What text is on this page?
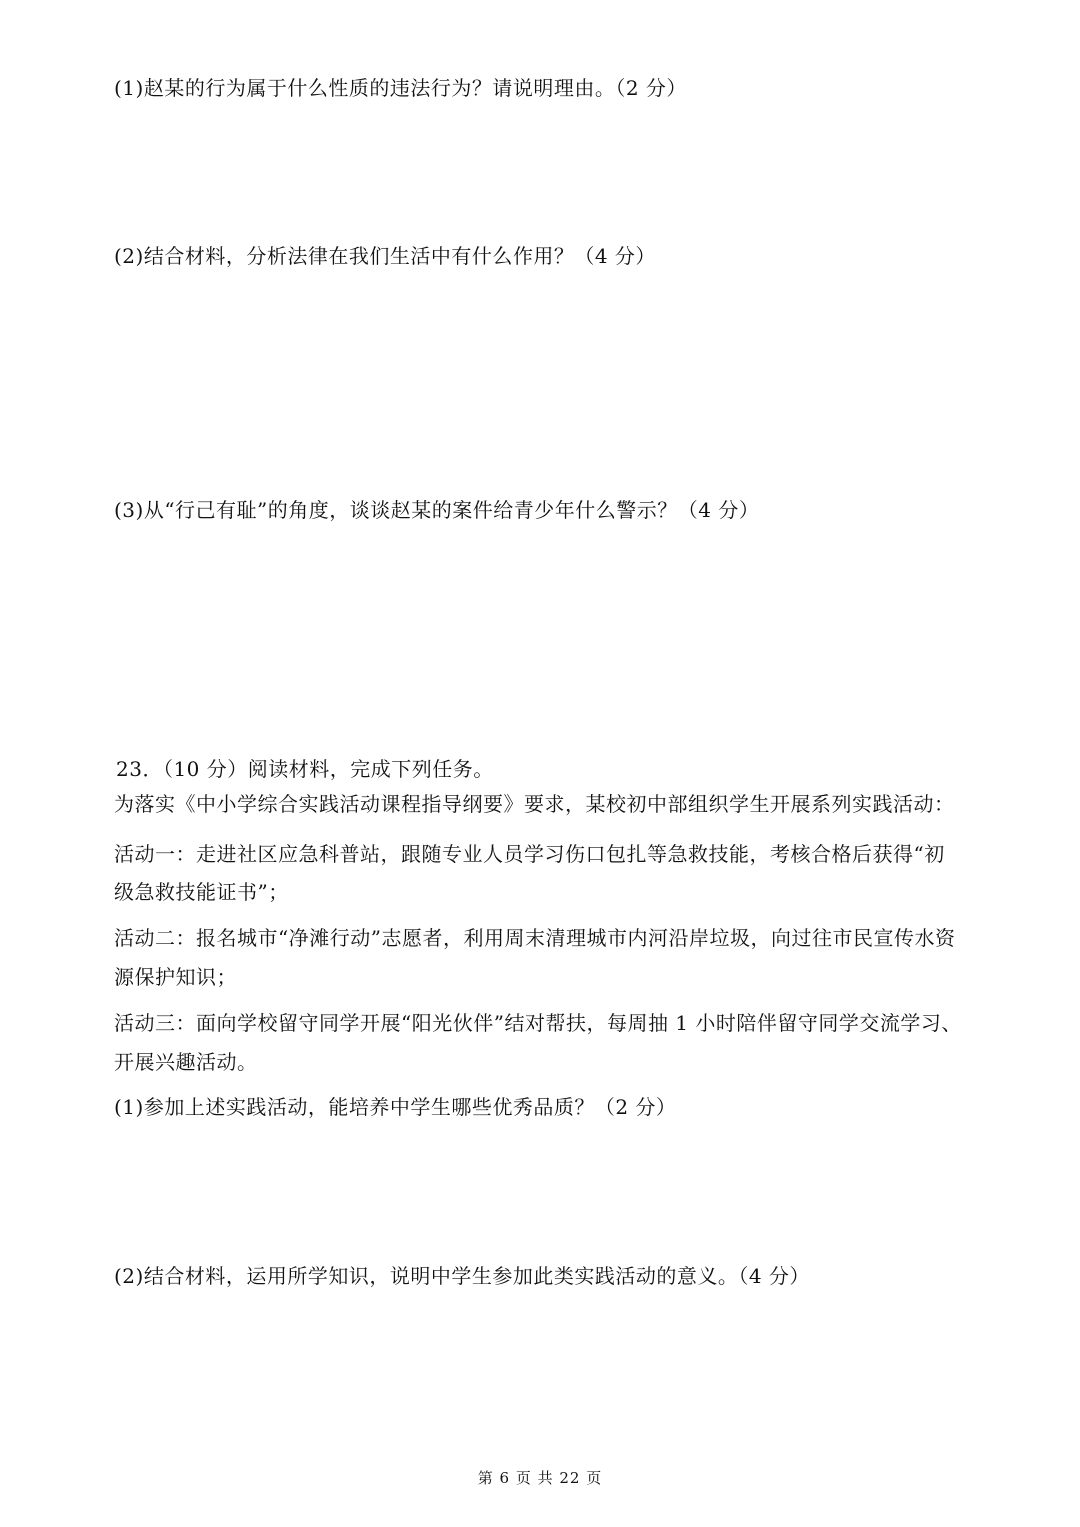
(1)赵某的行为属于什么性质的违法行为？请说明理由。（2 分）
(2)结合材料，分析法律在我们生活中有什么作用？（4 分）
(3)从“行己有耻”的角度，谈谈赵某的案件给青少年什么警示？（4 分）
23．（10 分）阅读材料，完成下列任务。
为落实《中小学综合实践活动课程指导纲要》要求，某校初中部组织学生开展系列实践活动：
活动一：走进社区应急科普站，跟随专业人员学习伤口包扎等急救技能，考核合格后获得“初
级急救技能证书”；
活动二：报名城市“净滩行动”志愿者，利用周末清理城市内河沿岸垃圾，向过往市民宣传水资
源保护知识；
活动三：面向学校留守同学开展“阳光伙伴”结对帮扶，每周抽 1 小时陪伴留守同学交流学习、
开展兴趣活动。
(1)参加上述实践活动，能培养中学生哪些优秀品质？（2 分）
(2)结合材料，运用所学知识，说明中学生参加此类实践活动的意义。（4 分）
第 6 页 共 22 页
